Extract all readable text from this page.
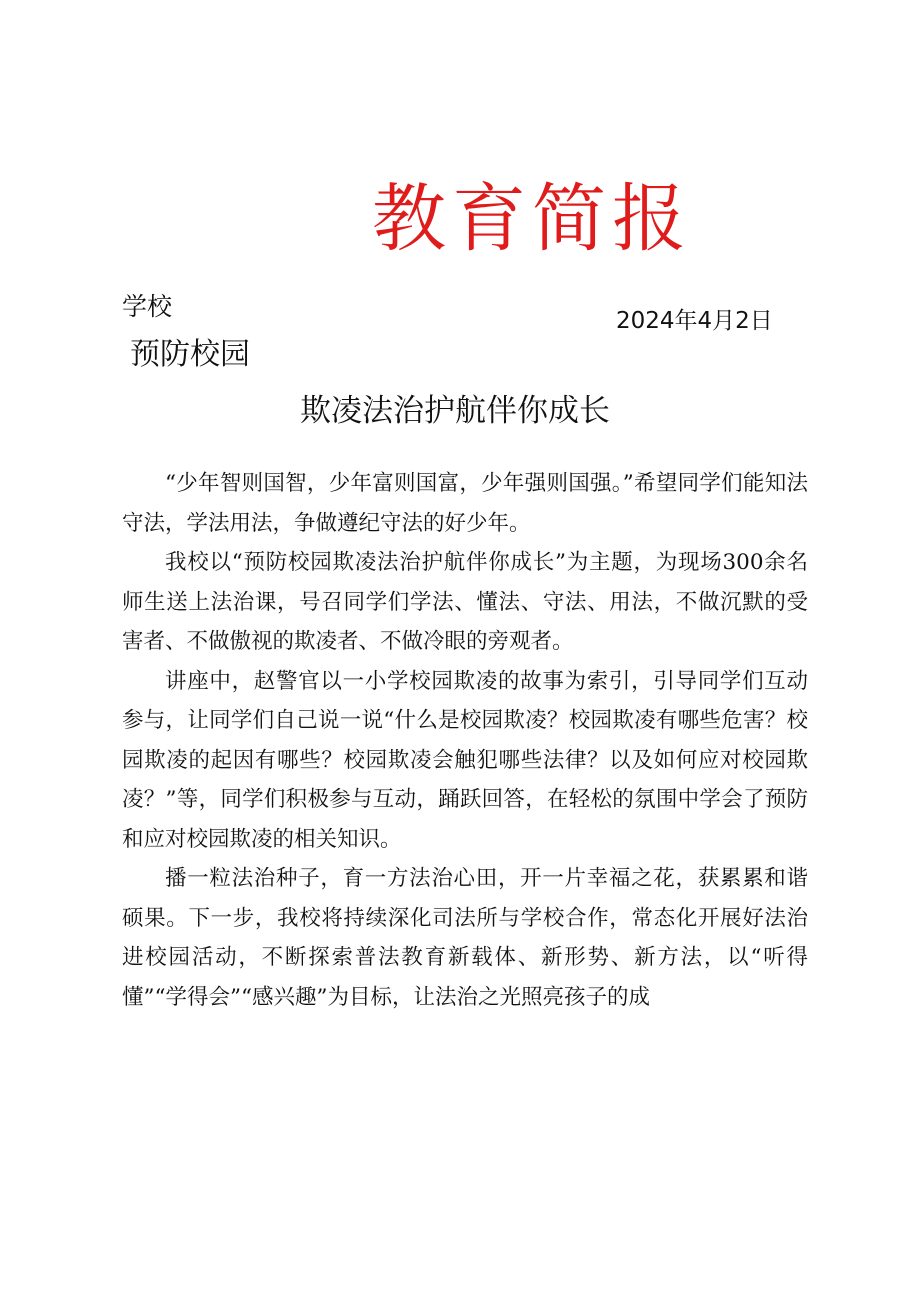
教育简报
学校	2024年4月2日
预防校园
欺凌法治护航伴你成长

“少年智则国智，少年富则国富，少年强则国强。”希望同学们能知法守法，学法用法，争做遵纪守法的好少年。

我校以“预防校园欺凌法治护航伴你成长”为主题，为现场300余名师生送上法治课，号召同学们学法、懂法、守法、用法，不做沉默的受害者、不做傲视的欺凌者、不做冷眼的旁观者。

讲座中，赵警官以一小学校园欺凌的故事为索引，引导同学们互动参与，让同学们自己说一说“什么是校园欺凌？校园欺凌有哪些危害？校园欺凌的起因有哪些？校园欺凌会触犯哪些法律？以及如何应对校园欺凌？”等，同学们积极参与互动，踊跃回答，在轻松的氛围中学会了预防和应对校园欺凌的相关知识。

播一粒法治种子，育一方法治心田，开一片幸福之花，获累累和谐硕果。下一步，我校将持续深化司法所与学校合作，常态化开展好法治进校园活动，不断探索普法教育新载体、新形势、新方法，以“听得懂”“学得会”“感兴趣”为目标，让法治之光照亮孩子的成
